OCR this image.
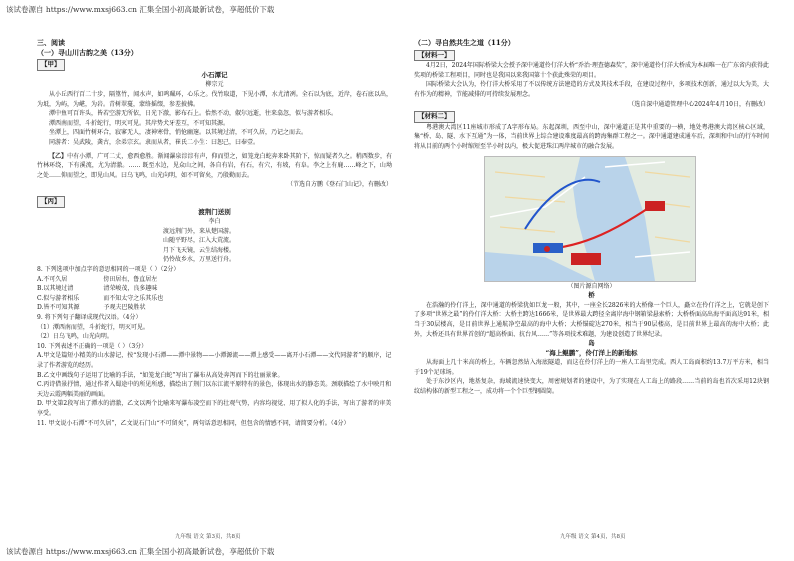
该试卷源自 https://www.mxsj663.cn 汇集全国小初高最新试卷，享超低价下载
三、阅读
（一）寻山川古韵之美（13分）
【甲】
小石潭记
柳宗元
从小丘西行百二十步，隔篁竹，闻水声，如鸣珮环，心乐之。伐竹取道，下见小潭，水尤清冽。全石以为底，近岸，卷石底以出，为坻，为屿，为嵁，为岩。青树翠蔓，蒙络摇缀，参差披拂。
潭中鱼可百许头，皆若空游无所依，日光下澈，影布石上。佁然不动，俶尔远逝，往来翕忽，似与游者相乐。
潭西南而望，斗折蛇行，明灭可见。其岸势犬牙差互，不可知其源。
坐潭上，四面竹树环合，寂寥无人，凄神寒骨，悄怆幽邃。以其境过清，不可久居，乃记之而去。
同游者：吴武陵，龚古，余弟宗玄。隶而从者，崔氏二小生：曰恕己，曰奉壹。
【乙】中有小潭，广可二丈，愈西愈胜。渐闻瀑泉淙淙有声，仰而望之，如笼龙白蛇奔来卧其阶下，惊而疑者久之。稍西数步，有竹林环绕，下有溪流，尤为清澈。…… 既至水边，见众山之间，各自有岩，有石，有穴，有坡，有阜。李之上有鹿……峰之下，山坳之处……仰而望之，即见山风。曰乌飞鸣，山光向明，如不可留矣，乃殷勤而去。
（节选自方鹏《登石门山记》，有删改）
【丙】
渡荆门送别
李白
渡远荆门外，来从楚国游。
山随平野尽，江入大荒流。
月下飞天镜，云生结海楼。
仍怜故乡水，万里送行舟。
8. 下列选项中加点字的意思相同的一项是（ ）（2分）
A.不可久居　　　　　　傍田居右，鲁直居左
B.以其境过清　　　　　清荣峻茂，良多趣味
C.似与游者相乐　　　　而不知太守之乐其乐也
D.皆不可知其源　　　　予观夫巴陵胜状
9. 将下列句子翻译成现代汉语。（4分）
（1）潭西南而望，斗折蛇行，明灭可见。
（2）日乌飞鸣，山光向明。
10. 下列表述不正确的一项是（ ）（3分）
A.甲文是篇短小精美的山水游记，按“发现小石潭——潭中景物——小潭源流——潭上感受——离开小石潭——文代同游者”的顺序，记录了作者游览的经历。
B.乙文中画线句子运用了比喻的手法，“如笼龙白蛇”写出了瀑布从高处奔泻而下的壮丽景象。
C.丙诗借景抒情，通过作者入蜀途中的所见所感，描绘出了荆门以东江流平原特有的景色，体现出水的静态美。颈联描绘了水中映月和天边云霞两幅美丽的画面。
D. 甲文第2段写出了潭水的清澈，乙文以两个比喻来写瀑布凌空而下的壮观气势，内容均视觉、用了拟人化的手法，写出了游者的审美享受。
11. 甲文说小石潭“不可久居”，乙文说石门山“不可留矣”，两句话意思相同，但包含的情感不同，请简要分析。（4分）
九年级 语文 第3页，共8页
（二）寻自然共生之道（11分）
【材料一】
4月2日，2024年国际桥梁大会授予深中通道伶仃洋大桥“乔治·理查德森奖”，深中通道伶仃洋大桥成为本届唯一在广东省内获得此奖项的桥梁工程项目，同时也是我国以来我国第十个获此殊荣的项目。
国际桥梁大会认为，伶仃洋大桥采用了不以传统方法建造的方式及其技术手段，在建设过程中，多项技术创新，通过以大为美，大有作为的精神，节能减排的可持续发展理念。
（选自深中通道管理中心2024年4月10日，有删改）
【材料二】
粤港澳大湾区11座城市形成了A字形布局。东起深圳，西至中山，深中通道正是其中重要的一横，地处粤港澳大湾区核心区域，集“桥、岛、隧、水下互通”为一体，当前世界上综合建设难度最高的跨海集群工程之一。深中通道建成通车后，深圳和中山的行车时间将从目前的两个小时缩短至半小时以内，极大促进珠江两岸城市的融合发展。
（图片源自网络）
桥
在浩瀚的伶仃洋上，深中通道的桥梁犹如巨龙一般，其中，一座全长2826米的大桥像一个巨人，矗立在伶仃洋之上，它就是创下了多项“世界之最”的伶仃洋大桥：大桥主跨达1666米，是世界最大跨径全离岸海中钢箱梁悬索桥；大桥桥面高出海平面高达91米，相当于30层楼高，是目前世界上通航净空最高的海中大桥；大桥锚碇达270米，相当于90层楼高，是目前世界上最高的海中大桥；此外，大桥还具有世界首创的“超高桥面、抗台风……”等各项技术难题，为建设创造了世界纪录。
岛
“海上鲲鹏”，伶仃洋上的新地标
从海面上几十米高的桥上，车辆忽然钻入海底隧道，而这在伶仃洋上的一座人工岛里完成。西人工岛面积约13.7万平方米，相当于19个足球场。
处于东沙区内，地基复杂，海域流速快变大，周密规划者的建设中，为了实现在人工岛上的路段……当前的岛也首次采用12块钢纹结构体的新型工程之一，成功将一个个巨型钢圆筒。
九年级 语文 第4页，共8页
该试卷源自 https://www.mxsj663.cn 汇集全国小初高最新试卷，享超低价下载
